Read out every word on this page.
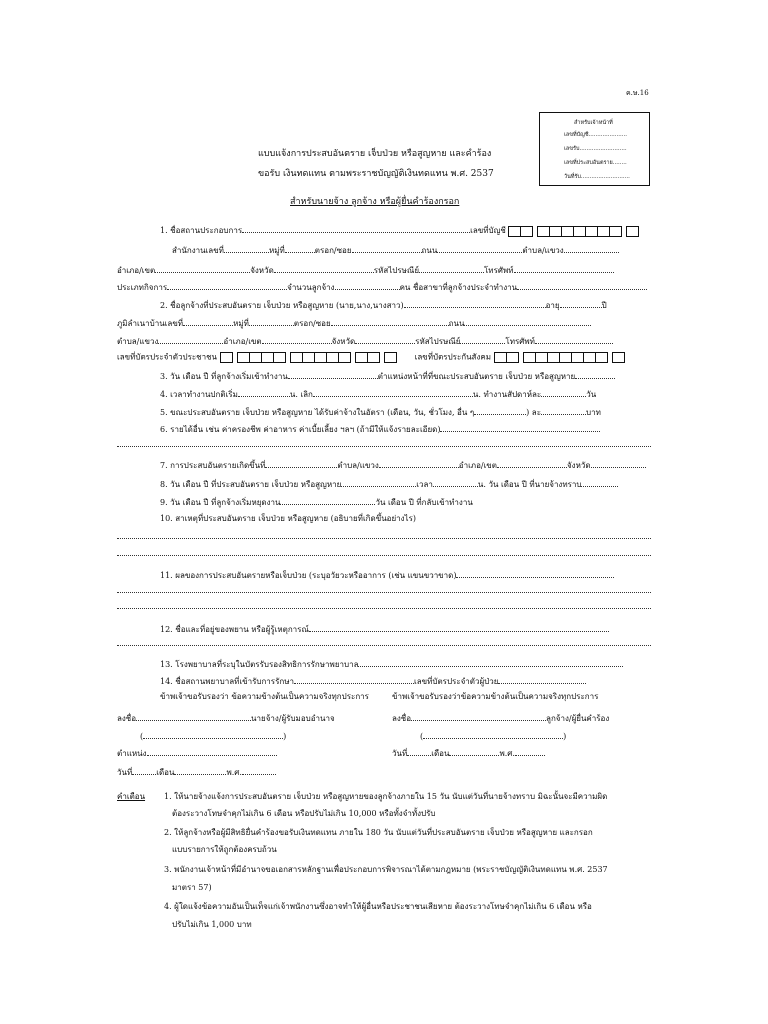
ค.ษ.16
สำหรับเจ้าหน้าที่
เลขที่บัญชี......................
เลขรับ...........................
เลขที่ประสบอันตราย........
วันที่รับ............................
แบบแจ้งการประสบอันตราย เจ็บป่วย หรือสูญหาย และคำร้อง
ขอรับ เงินทดแทน ตามพระราชบัญญัติเงินทดแทน พ.ศ. 2537
สำหรับนายจ้าง ลูกจ้าง หรือผู้ยื่นคำร้องกรอก
1. ชื่อสถานประกอบการ	เลขที่บัญชี
สำนักงานเลขที่	หมู่ที่	ตรอก/ซอย	ถนน	ตำบล/แขวง
อำเภอ/เขต	จังหวัด	รหัสไปรษณีย์	โทรศัพท์
ประเภทกิจการ	จำนวนลูกจ้าง	คน ชื่อสาขาที่ลูกจ้างประจำทำงาน
2. ชื่อลูกจ้างที่ประสบอันตราย เจ็บป่วย หรือสูญหาย (นาย,นาง,นางสาว)	อายุ	ปี
ภูมิลำเนาบ้านเลขที่	หมู่ที่	ตรอก/ซอย	ถนน
ตำบล/แขวง	อำเภอ/เขต	จังหวัด	รหัสไปรษณีย์	โทรศัพท์
เลขที่บัตรประจำตัวประชาชน	เลขที่บัตรประกันสังคม
3. วัน เดือน ปี ที่ลูกจ้างเริ่มเข้าทำงาน	ตำแหน่งหน้าที่ที่ขณะประสบอันตราย เจ็บป่วย หรือสูญหาย
4. เวลาทำงานปกติเริ่ม	น. เลิก	น. ทำงานสัปดาห์ละ	วัน
5. ขณะประสบอันตราย เจ็บป่วย หรือสูญหาย ได้รับค่าจ้างในอัตรา (เดือน, วัน, ชั่วโมง, อื่น ๆ	) ละ	บาท
6. รายได้อื่น เช่น ค่าครองชีพ ค่าอาหาร ค่าเบี้ยเลี้ยง ฯลฯ (ถ้ามีให้แจ้งรายละเอียด)
7. การประสบอันตรายเกิดขึ้นที่	ตำบล/แขวง	อำเภอ/เขต	จังหวัด
8. วัน เดือน ปี ที่ประสบอันตราย เจ็บป่วย หรือสูญหาย	เวลา	น. วัน เดือน ปี ที่นายจ้างทราบ
9. วัน เดือน ปี ที่ลูกจ้างเริ่มหยุดงาน	วัน เดือน ปี ที่กลับเข้าทำงาน
10. สาเหตุที่ประสบอันตราย เจ็บป่วย หรือสูญหาย (อธิบายที่เกิดขึ้นอย่างไร)
11. ผลของการประสบอันตรายหรือเจ็บป่วย (ระบุอวัยวะหรืออาการ (เช่น แขนขวาขาด)
12. ชื่อและที่อยู่ของพยาน หรือผู้รู้เหตุการณ์
13. โรงพยาบาลที่ระบุในบัตรรับรองสิทธิการรักษาพยาบาล
14. ชื่อสถานพยาบาลที่เข้ารับการรักษา	เลขที่บัตรประจำตัวผู้ป่วย
ข้าพเจ้าขอรับรองว่า ข้อความข้างต้นเป็นความจริงทุกประการ	ข้าพเจ้าขอรับรองว่าข้อความข้างต้นเป็นความจริงทุกประการ
ลงชื่อ	นายจ้าง/ผู้รับมอบอำนาจ	ลงชื่อ	ลูกจ้าง/ผู้ยื่นคำร้อง
(	)	(	)
ตำแหน่ง	วันที่	เดือน	พ.ศ.
วันที่	เดือน	พ.ศ.
คำเตือน 1. ให้นายจ้างแจ้งการประสบอันตราย เจ็บป่วย หรือสูญหายของลูกจ้างภายใน 15 วัน นับแต่วันที่นายจ้างทราบ มิฉะนั้นจะมีความผิด
ต้องระวางโทษจำคุกไม่เกิน 6 เดือน หรือปรับไม่เกิน 10,000 หรือทั้งจำทั้งปรับ
2. ให้ลูกจ้างหรือผู้มีสิทธิยื่นคำร้องขอรับเงินทดแทน ภายใน 180 วัน นับแต่วันที่ประสบอันตราย เจ็บป่วย หรือสูญหาย และกรอก
แบบรายการให้ถูกต้องครบถ้วน
3. พนักงานเจ้าหน้าที่มีอำนาจขอเอกสารหลักฐานเพื่อประกอบการพิจารณาได้ตามกฎหมาย (พระราชบัญญัติเงินทดแทน พ.ศ. 2537
มาตรา 57)
4. ผู้ใดแจ้งข้อความอันเป็นเท็จแก่เจ้าพนักงานซึ่งอาจทำให้ผู้อื่นหรือประชาชนเสียหาย ต้องระวางโทษจำคุกไม่เกิน 6 เดือน หรือ
ปรับไม่เกิน 1,000 บาท
